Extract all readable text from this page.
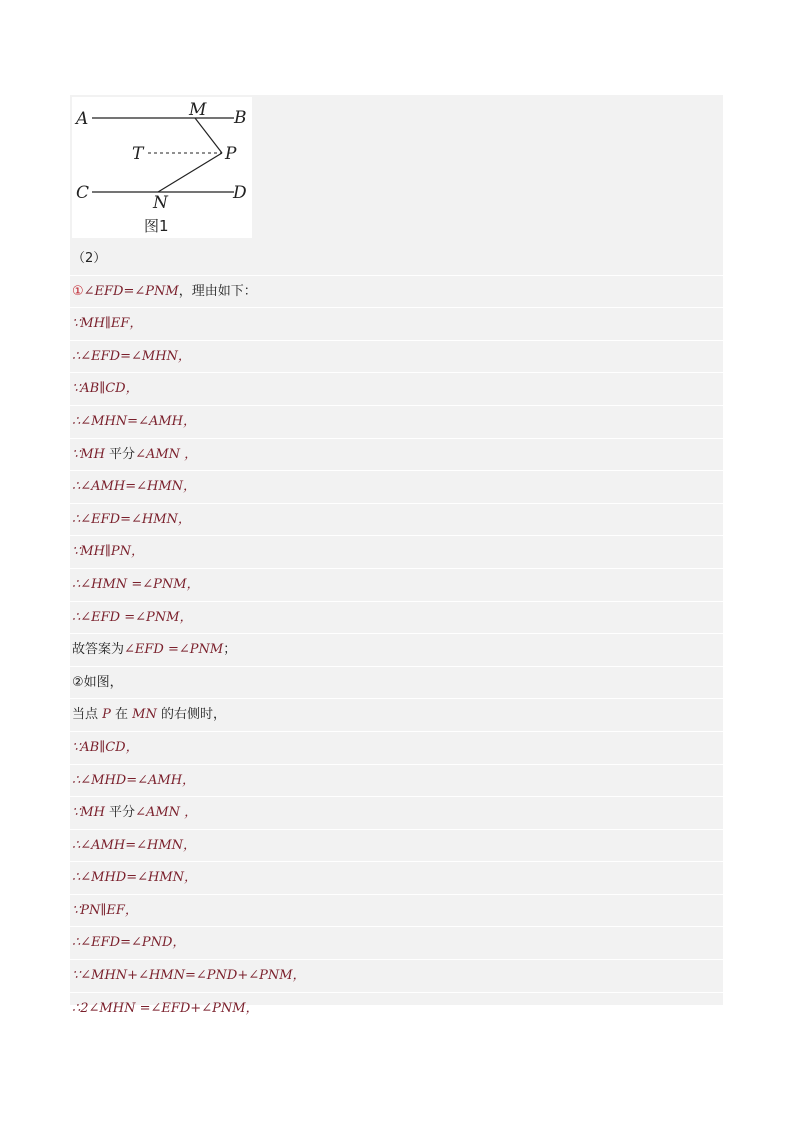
A	M B
T	P
C	N	D
图1
（2）
①∠EFD=∠PNM，理由如下：
∵MH∥EF，
∴∠EFD=∠MHN，
∵AB∥CD，
∴∠MHN=∠AMH，
∵MH 平分∠AMN ，
∴∠AMH=∠HMN，
∴∠EFD=∠HMN，
∵MH∥PN，
∴∠HMN =∠PNM，
∴∠EFD =∠PNM，
故答案为∠EFD =∠PNM；
②如图，
当点 P 在 MN 的右侧时，
∵AB∥CD，
∴∠MHD=∠AMH，
∵MH 平分∠AMN ，
∴∠AMH=∠HMN，
∴∠MHD=∠HMN，
∵PN∥EF，
∴∠EFD=∠PND，
∵∠MHN+∠HMN=∠PND+∠PNM，
∴2∠MHN =∠EFD+∠PNM，
